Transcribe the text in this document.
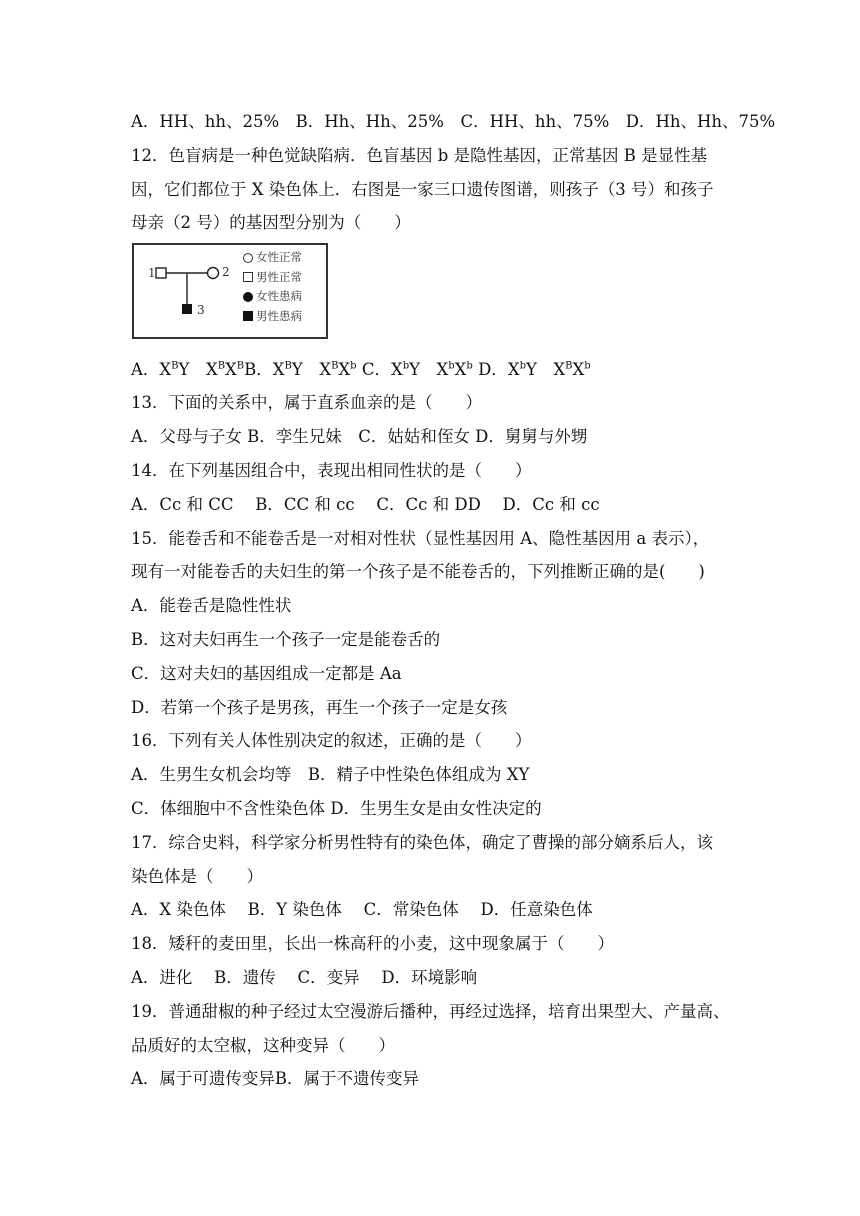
A．HH、hh、25%　B．Hh、Hh、25%　C．HH、hh、75%　D．Hh、Hh、75%
12．色盲病是一种色觉缺陷病．色盲基因 b 是隐性基因，正常基因 B 是显性基
因，它们都位于 X 染色体上．右图是一家三口遗传图谱，则孩子（3 号）和孩子
母亲（2 号）的基因型分别为（　　）
1	2
3
女性正常
男性正常
女性患病
男性患病
A．$X^BY$　$X^BX^BB$．$X^BY$　$X^BX^b$ C．$X^bY$　$X^bX^b$ D．$X^bY$　$X^BX^b$
13．下面的关系中，属于直系血亲的是（　　）
A．父母与子女 B．孪生兄妹　C．姑姑和侄女 D．舅舅与外甥
14．在下列基因组合中，表现出相同性状的是（　　）
A．Cc 和 CC　 B．CC 和 cc　 C．Cc 和 DD　 D．Cc 和 cc
15．能卷舌和不能卷舌是一对相对性状（显性基因用 A、隐性基因用 a 表示），
现有一对能卷舌的夫妇生的第一个孩子是不能卷舌的，下列推断正确的是(　　)
A．能卷舌是隐性性状
B．这对夫妇再生一个孩子一定是能卷舌的
C．这对夫妇的基因组成一定都是 Aa
D．若第一个孩子是男孩，再生一个孩子一定是女孩
16．下列有关人体性别决定的叙述，正确的是（　　）
A．生男生女机会均等　B．精子中性染色体组成为 XY
C．体细胞中不含性染色体 D．生男生女是由女性决定的
17．综合史料，科学家分析男性特有的染色体，确定了曹操的部分嫡系后人，该
染色体是（　　）
A．X 染色体　 B．Y 染色体　 C．常染色体　 D．任意染色体
18．矮秆的麦田里，长出一株高秆的小麦，这中现象属于（　　）
A．进化　 B．遗传　 C．变异　 D．环境影响
19．普通甜椒的种子经过太空漫游后播种，再经过选择，培育出果型大、产量高、
品质好的太空椒，这种变异（　　）
A．属于可遗传变异B．属于不遗传变异
